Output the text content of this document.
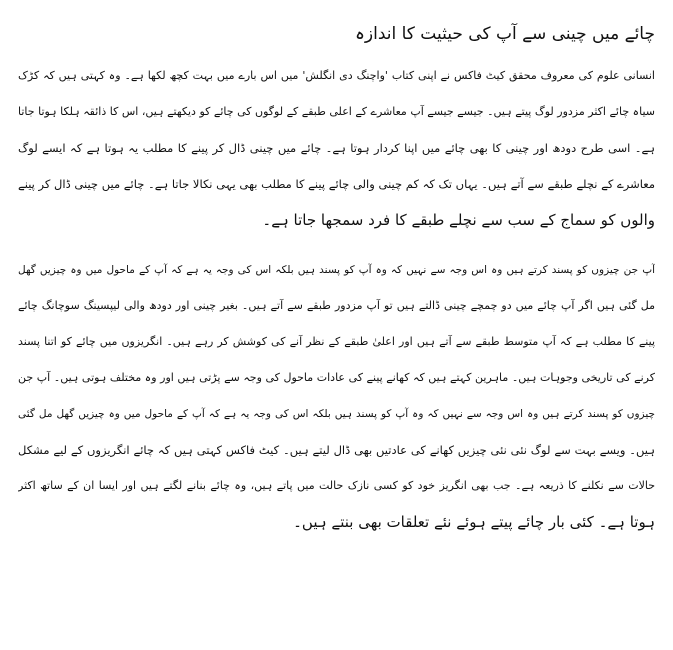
چائے میں چینی سے آپ کی حیثیت کا اندازہ
انسانی علوم کی معروف محقق کیٹ فاکس نے اپنی کتاب 'واچنگ دی انگلش' میں اس بارے میں بہت کچھ لکھا ہے۔ وہ کہتی ہیں کہ کڑک
سیاہ چائے اکثر مزدور لوگ پیتے ہیں۔ جیسے جیسے آپ معاشرے کے اعلی طبقے کے لوگوں کی چائے کو دیکھتے ہیں، اس کا ذائقہ ہلکا ہوتا جاتا
ہے۔ اسی طرح دودھ اور چینی کا بھی چائے میں اپنا کردار ہوتا ہے۔ چائے میں چینی ڈال کر پینے کا مطلب یہ ہوتا ہے کہ ایسے لوگ
معاشرے کے نچلے طبقے سے آتے ہیں۔ یہاں تک کہ کم چینی والی چائے پینے کا مطلب بھی یہی نکالا جاتا ہے۔ چائے میں چینی ڈال کر پینے
والوں کو سماج کے سب سے نچلے طبقے کا فرد سمجھا جاتا ہے۔
آپ جن چیزوں کو پسند کرتے ہیں وہ اس وجہ سے نہیں کہ وہ آپ کو پسند ہیں بلکہ اس کی وجہ یہ ہے کہ آپ کے ماحول میں وہ چیزیں گھل
مل گئی ہیں اگر آپ چائے میں دو چمچے چینی ڈالتے ہیں تو آپ مزدور طبقے سے آتے ہیں۔ بغیر چینی اور دودھ والی لیپسینگ سوچانگ چائے
پینے کا مطلب ہے کہ آپ متوسط طبقے سے آتے ہیں اور اعلیٰ طبقے کے نظر آنے کی کوشش کر رہے ہیں۔ انگریزوں میں چائے کو اتنا پسند
کرنے کی تاریخی وجوہات ہیں۔ ماہرین کہتے ہیں کہ کھانے پینے کی عادات ماحول کی وجہ سے پڑتی ہیں اور وہ مختلف ہوتی ہیں۔ آپ جن
چیزوں کو پسند کرتے ہیں وہ اس وجہ سے نہیں کہ وہ آپ کو پسند ہیں بلکہ اس کی وجہ یہ ہے کہ آپ کے ماحول میں وہ چیزیں گھل مل گئی
ہیں۔ ویسے بہت سے لوگ نئی نئی چیزیں کھانے کی عادتیں بھی ڈال لیتے ہیں۔ کیٹ فاکس کہتی ہیں کہ چائے انگریزوں کے لیے مشکل
حالات سے نکلنے کا ذریعہ ہے۔ جب بھی انگریز خود کو کسی نازک حالت میں پاتے ہیں، وہ چائے بنانے لگتے ہیں اور ایسا ان کے ساتھ اکثر
ہوتا ہے۔ کئی بار چائے پیتے ہوئے نئے تعلقات بھی بنتے ہیں۔
